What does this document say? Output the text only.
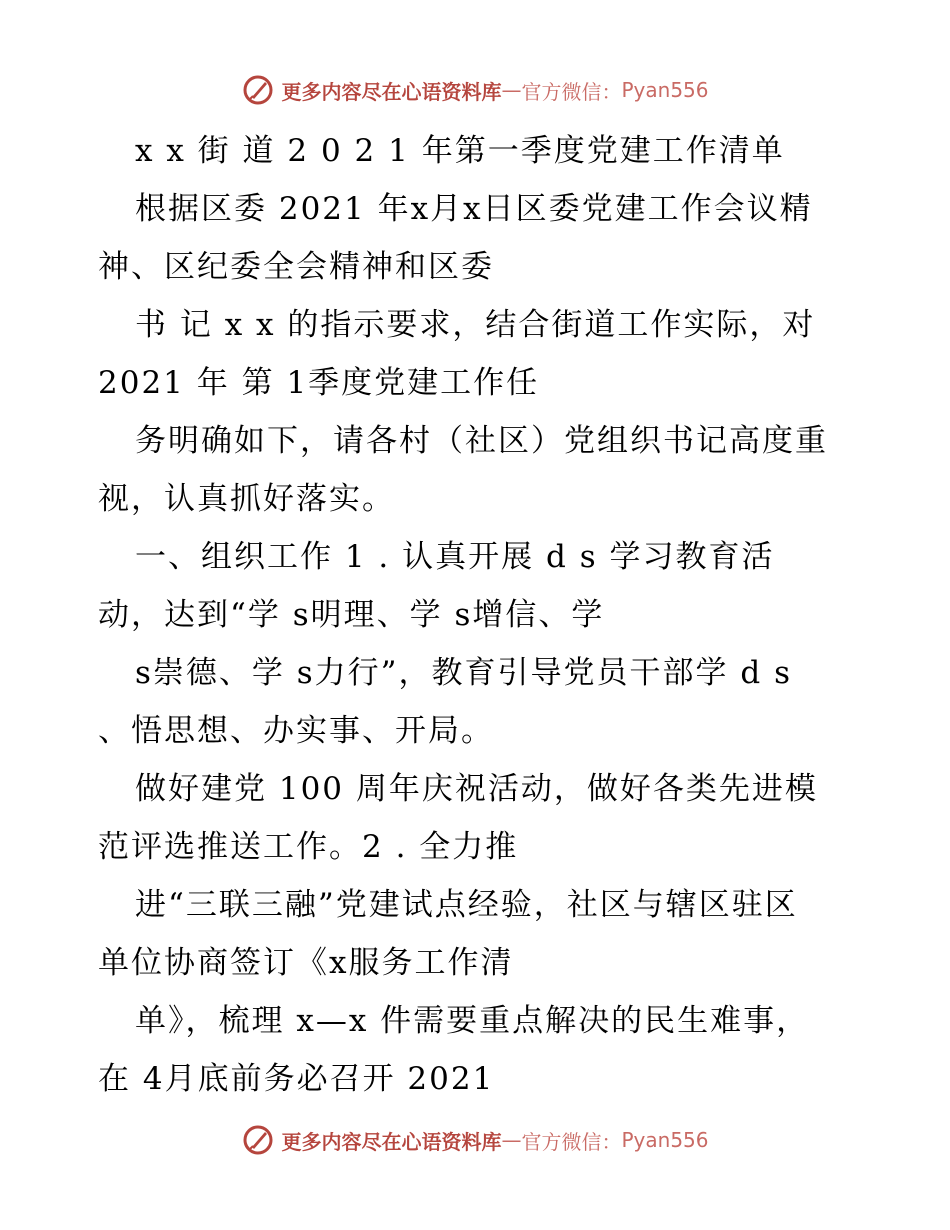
更多内容尽在心语资料库 — 官方微信： Pyan556
x x 街 道 2 0 2 1 年第一季度党建工作清单
根据区委 2021 年x月x日区委党建工作会议精
神、区纪委全会精神和区委
书 记 x x 的指示要求，结合街道工作实际，对
2021 年 第 1季度党建工作任
务明确如下，请各村（社区）党组织书记高度重
视，认真抓好落实。
一、组织工作 1 . 认真开展 d s 学习教育活
动，达到“学 s明理、学 s增信、学
s崇德、学 s力行”，教育引导党员干部学 d s
、悟思想、办实事、开局。
做好建党 100 周年庆祝活动，做好各类先进模
范评选推送工作。2 . 全力推
进“三联三融”党建试点经验，社区与辖区驻区
单位协商签订《x服务工作清
单》，梳理 x—x 件需要重点解决的民生难事，
在 4月底前务必召开 2021
更多内容尽在心语资料库 — 官方微信： Pyan556
